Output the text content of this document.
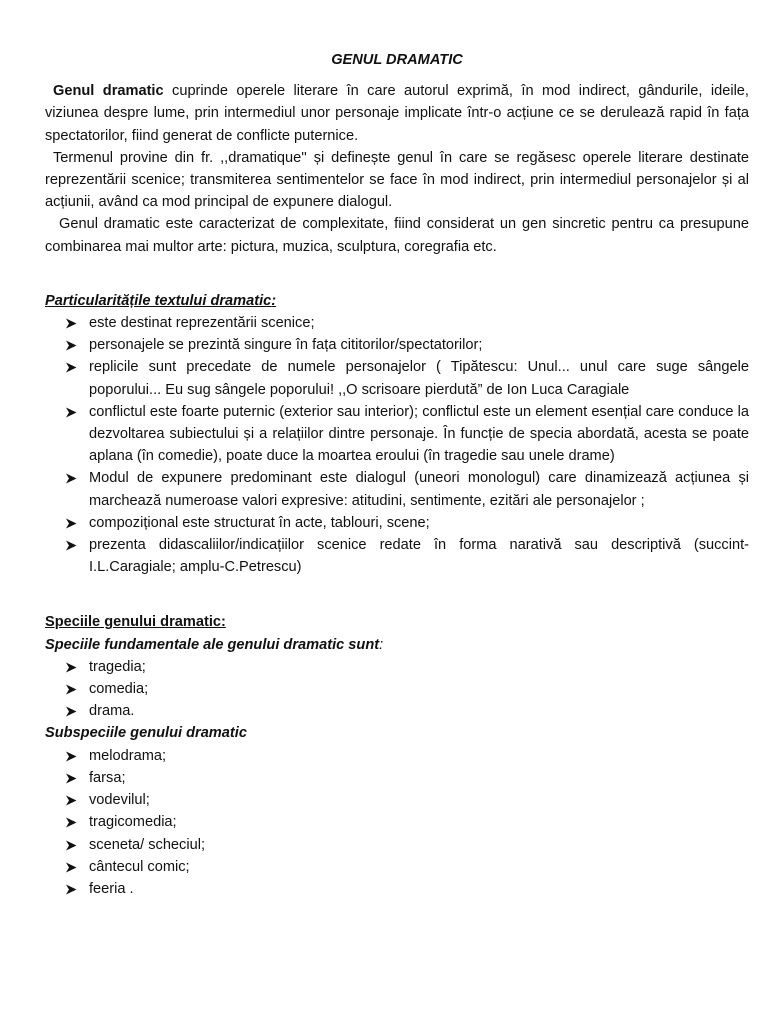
GENUL DRAMATIC

Genul dramatic cuprinde operele literare în care autorul exprimă, în mod indirect, gândurile, ideile, viziunea despre lume, prin intermediul unor personaje implicate într-o acțiune ce se derulează rapid în fața spectatorilor, fiind generat de conflicte puternice.

Termenul provine din fr. ,,dramatique'' și definește genul în care se regăsesc operele literare destinate reprezentării scenice; transmiterea sentimentelor se face în mod indirect, prin intermediul personajelor și al acțiunii, având ca mod principal de expunere dialogul.

Genul dramatic este caracterizat de complexitate, fiind considerat un gen sincretic pentru ca presupune combinarea mai multor arte: pictura, muzica, sculptura, coregrafia etc.

Particularitățile textului dramatic:

este destinat reprezentării scenice;
personajele se prezintă singure în fața cititorilor/spectatorilor;
replicile sunt precedate de numele personajelor ( Tipătescu: Unul... unul care suge sângele poporului... Eu sug sângele poporului! ,,O scrisoare pierdută” de Ion Luca Caragiale
conflictul este foarte puternic (exterior sau interior); conflictul este un element esențial care conduce la dezvoltarea subiectului și a relațiilor dintre personaje. În funcție de specia abordată, acesta se poate aplana (în comedie), poate duce la moartea eroului (în tragedie sau unele drame)
Modul de expunere predominant este dialogul (uneori monologul) care dinamizează acțiunea și marchează numeroase valori expresive: atitudini, sentimente, ezitări ale personajelor ;
compozițional este structurat în acte, tablouri, scene;
prezenta didascaliilor/indicațiilor scenice redate în forma narativă sau descriptivă (succint-I.L.Caragiale; amplu-C.Petrescu)

Speciile genului dramatic:

Speciile fundamentale ale genului dramatic sunt:

tragedia;
comedia;
drama.

Subspeciile genului dramatic

melodrama;
farsa;
vodevilul;
tragicomedia;
sceneta/ scheciul;
cântecul comic;
feeria .
